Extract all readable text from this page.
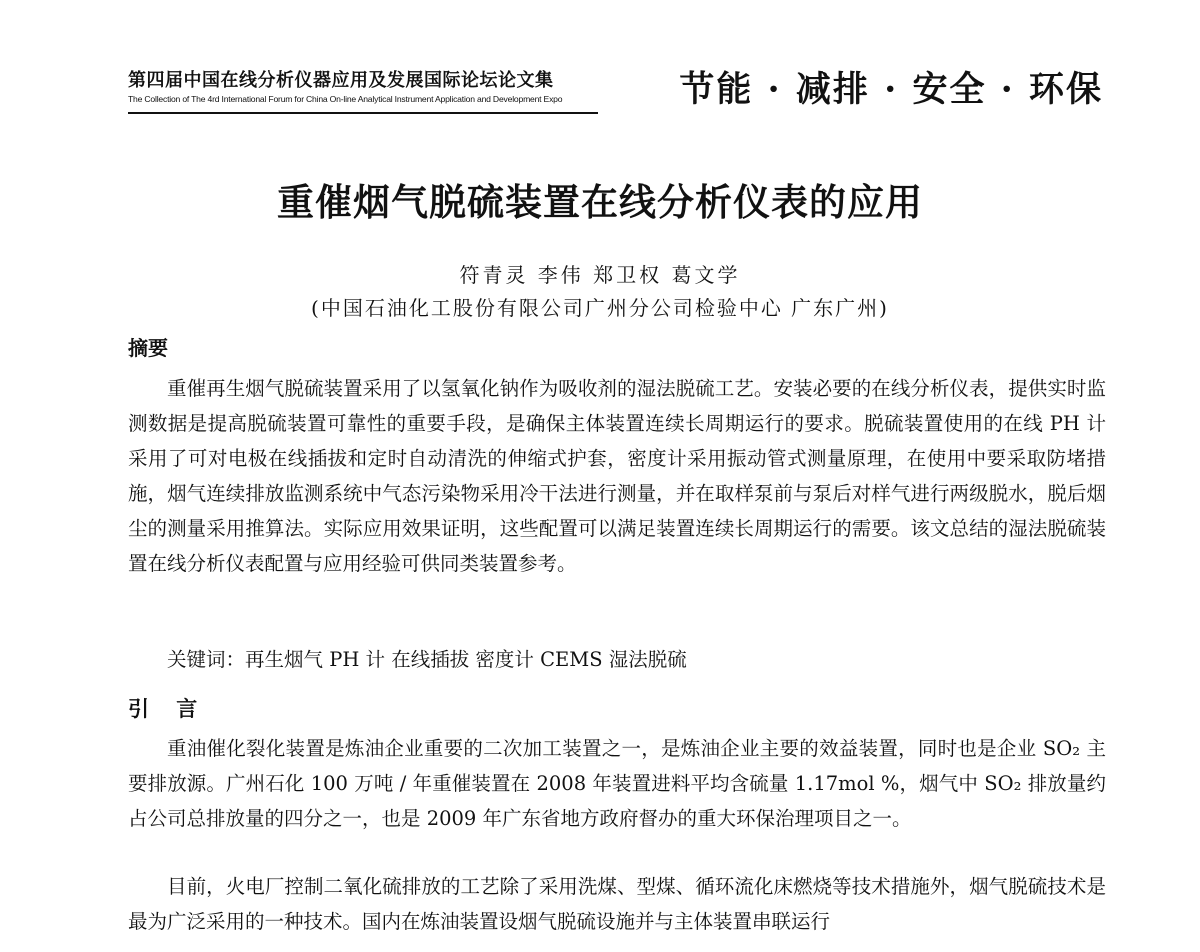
第四届中国在线分析仪器应用及发展国际论坛论文集
The Collection of The 4rd International Forum for China On-line Analytical Instrument Application and Development Expo	节能 · 减排 · 安全 · 环保
重催烟气脱硫装置在线分析仪表的应用
符青灵 李伟 郑卫权 葛文学
(中国石油化工股份有限公司广州分公司检验中心 广东广州)
摘要

重催再生烟气脱硫装置采用了以氢氧化钠作为吸收剂的湿法脱硫工艺。安装必要的在线分析仪表，提供实时监测数据是提高脱硫装置可靠性的重要手段，是确保主体装置连续长周期运行的要求。脱硫装置使用的在线 PH 计采用了可对电极在线插拔和定时自动清洗的伸缩式护套，密度计采用振动管式测量原理，在使用中要采取防堵措施，烟气连续排放监测系统中气态污染物采用冷干法进行测量，并在取样泵前与泵后对样气进行两级脱水，脱后烟尘的测量采用推算法。实际应用效果证明，这些配置可以满足装置连续长周期运行的需要。该文总结的湿法脱硫装置在线分析仪表配置与应用经验可供同类装置参考。

关键词：再生烟气 PH 计 在线插拔 密度计 CEMS 湿法脱硫

引 言

重油催化裂化装置是炼油企业重要的二次加工装置之一，是炼油企业主要的效益装置，同时也是企业 SO₂ 主要排放源。广州石化 100 万吨 / 年重催装置在 2008 年装置进料平均含硫量 1.17mol %，烟气中 SO₂ 排放量约占公司总排放量的四分之一，也是 2009 年广东省地方政府督办的重大环保治理项目之一。

目前，火电厂控制二氧化硫排放的工艺除了采用洗煤、型煤、循环流化床燃烧等技术措施外，烟气脱硫技术是最为广泛采用的一种技术。国内在炼油装置设烟气脱硫设施并与主体装置串联运行
